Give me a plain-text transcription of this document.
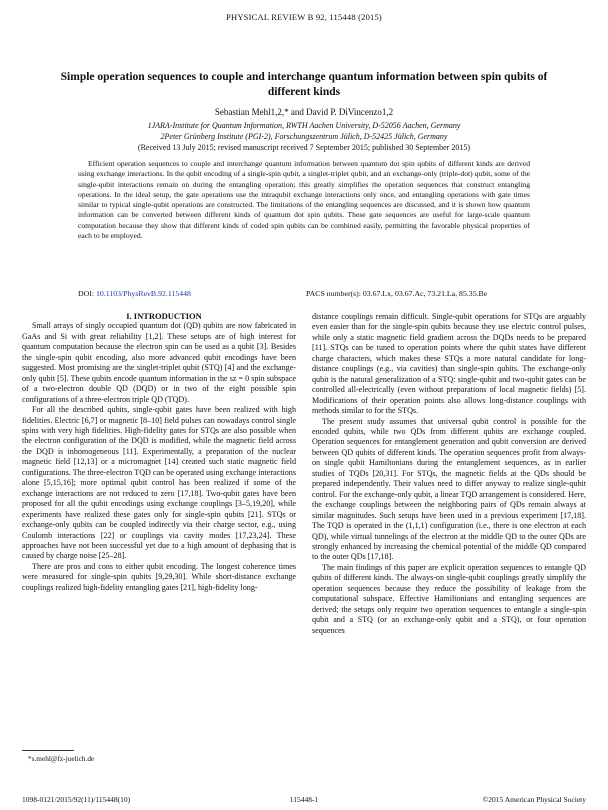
PHYSICAL REVIEW B 92, 115448 (2015)
Simple operation sequences to couple and interchange quantum information between spin qubits of different kinds
Sebastian Mehl1,2,* and David P. DiVincenzo1,2
1JARA-Institute for Quantum Information, RWTH Aachen University, D-52056 Aachen, Germany
2Peter Grünberg Institute (PGI-2), Forschungszentrum Jülich, D-52425 Jülich, Germany
(Received 13 July 2015; revised manuscript received 7 September 2015; published 30 September 2015)

Efficient operation sequences to couple and interchange quantum information between quantum dot spin qubits of different kinds are derived using exchange interactions. In the qubit encoding of a single-spin qubit, a singlet-triplet qubit, and an exchange-only (triple-dot) qubit, some of the single-qubit interactions remain on during the entangling operation; this greatly simplifies the operation sequences that construct entangling operations. In the ideal setup, the gate operations use the intraqubit exchange interactions only once, and entangling operations with gate times similar to typical single-qubit operations are constructed. The limitations of the entangling sequences are discussed, and it is shown how quantum information can be converted between different kinds of quantum dot spin qubits. These gate sequences are useful for large-scale quantum computation because they show that different kinds of coded spin qubits can be combined easily, permitting the favorable physical properties of each to be employed.

DOI: 10.1103/PhysRevB.92.115448	PACS number(s): 03.67.Lx, 03.67.Ac, 73.21.La, 85.35.Be

I. INTRODUCTION

Small arrays of singly occupied quantum dot (QD) qubits are now fabricated in GaAs and Si with great reliability [1,2]. These setups are of high interest for quantum computation because the electron spin can be used as a qubit [3]. Besides the single-spin qubit encoding, also more advanced qubit encodings have been suggested. Most promising are the singlet-triplet qubit (STQ) [4] and the exchange-only qubit [5]. These qubits encode quantum information in the sz = 0 spin subspace of a two-electron double QD (DQD) or in two of the eight possible spin configurations of a three-electron triple QD (TQD).

For all the described qubits, single-qubit gates have been realized with high fidelities. Electric [6,7] or magnetic [8–10] field pulses can nowadays control single spins with very high fidelities. High-fidelity gates for STQs are also possible when the electron configuration of the DQD is modified, while the magnetic field across the DQD is inhomogeneous [11]. Experimentally, a preparation of the nuclear magnetic field [12,13] or a micromagnet [14] created such static magnetic field configurations. The three-electron TQD can be operated using exchange interactions alone [5,15,16]; more optimal qubit control has been realized if some of the exchange interactions are not reduced to zero [17,18]. Two-qubit gates have been proposed for all the qubit encodings using exchange couplings [3–5,19,20], while experiments have realized these gates only for single-spin qubits [21]. STQs or exchange-only qubits can be coupled indirectly via their charge sector, e.g., using Coulomb interactions [22] or couplings via cavity modes [17,23,24]. These approaches have not been successful yet due to a high amount of dephasing that is caused by charge noise [25–28].

There are pros and cons to either qubit encoding. The longest coherence times were measured for single-spin qubits [9,29,30]. While short-distance exchange couplings realized high-fidelity entangling gates [21], high-fidelity long-

distance couplings remain difficult. Single-qubit operations for STQs are arguably even easier than for the single-spin qubits because they use electric control pulses, while only a static magnetic field gradient across the DQDs needs to be prepared [11]. STQs can be tuned to operation points where the qubit states have different charge characters, which makes these STQs a more natural candidate for long-distance couplings (e.g., via cavities) than single-spin qubits. The exchange-only qubit is the natural generalization of a STQ: single-qubit and two-qubit gates can be controlled all-electrically (even without preparations of local magnetic fields) [5]. Modifications of their operation points also allows long-distance couplings with methods similar to for the STQs.

The present study assumes that universal qubit control is possible for the encoded qubits, while two QDs from different qubits are exchange coupled. Operation sequences for entanglement generation and qubit conversion are derived between QD qubits of different kinds. The operation sequences profit from always-on single qubit Hamiltonians during the entanglement sequences, as in earlier studies of TQDs [20,31]. For STQs, the magnetic fields at the QDs should be prepared independently. Their values need to differ anyway to realize single-qubit control. For the exchange-only qubit, a linear TQD arrangement is considered. Here, the exchange couplings between the neighboring pairs of QDs remain always at similar magnitudes. Such setups have been used in a previous experiment [17,18]. The TQD is operated in the (1,1,1) configuration (i.e., there is one electron at each QD), while virtual tunnelings of the electron at the middle QD to the outer QDs are strongly enhanced by increasing the chemical potential of the middle QD compared to the outer QDs [17,18].

The main findings of this paper are explicit operation sequences to entangle QD qubits of different kinds. The always-on single-qubit couplings greatly simplify the operation sequences because they reduce the possibility of leakage from the computational subspace. Effective Hamiltonians and entangling sequences are derived; the setups only require two operation sequences to entangle a single-spin qubit and a STQ (or an exchange-only qubit and a STQ), or four operation sequences

*s.mehl@fz-juelich.de
1098-0121/2015/92(11)/115448(10)	115448-1	©2015 American Physical Society
